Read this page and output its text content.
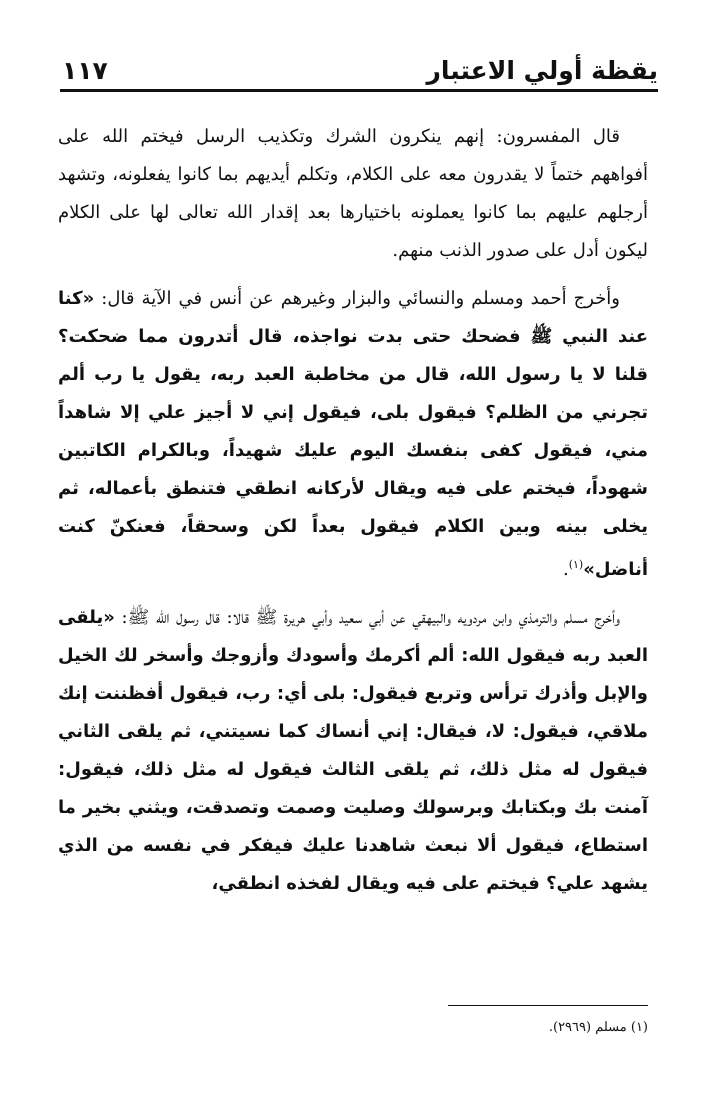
يقظة أولي الاعتبار
١١٧

قال المفسرون: إنهم ينكرون الشرك وتكذيب الرسل فيختم الله على أفواههم ختماً لا يقدرون معه على الكلام، وتكلم أيديهم بما كانوا يفعلونه، وتشهد أرجلهم عليهم بما كانوا يعملونه باختيارها بعد إقدار الله تعالى لها على الكلام ليكون أدل على صدور الذنب منهم.

وأخرج أحمد ومسلم والنسائي والبزار وغيرهم عن أنس في الآية قال: «كنا عند النبي ﷺ فضحك حتى بدت نواجذه، قال أتدرون مما ضحكت؟ قلنا لا يا رسول الله، قال من مخاطبة العبد ربه، يقول يا رب ألم تجرني من الظلم؟ فيقول بلى، فيقول إني لا أجيز علي إلا شاهداً مني، فيقول كفى بنفسك اليوم عليك شهيداً، وبالكرام الكاتبين شهوداً، فيختم على فيه ويقال لأركانه انطقي فتنطق بأعماله، ثم يخلى بينه وبين الكلام فيقول بعداً لكن وسحقاً، فعنكنّ كنت أناضل»$^{(١)}$.

وأخرج مسلم والترمذي وابن مردويه والبيهقي عن أبي سعيد وأبي هريرة ﷺ قالا: قال رسول الله ﷺ: «يلقى العبد ربه فيقول الله: ألم أكرمك وأسودك وأزوجك وأسخر لك الخيل والإبل وأذرك ترأس وتربع فيقول: بلى أي: رب، فيقول أفظننت إنك ملاقي، فيقول: لا، فيقال: إني أنساك كما نسيتني، ثم يلقى الثاني فيقول له مثل ذلك، ثم يلقى الثالث فيقول له مثل ذلك، فيقول: آمنت بك وبكتابك وبرسولك وصليت وصمت وتصدقت، ويثني بخير ما استطاع، فيقول ألا نبعث شاهدنا عليك فيفكر في نفسه من الذي يشهد علي؟ فيختم على فيه ويقال لفخذه انطقي،

(١) مسلم (٢٩٦٩).
